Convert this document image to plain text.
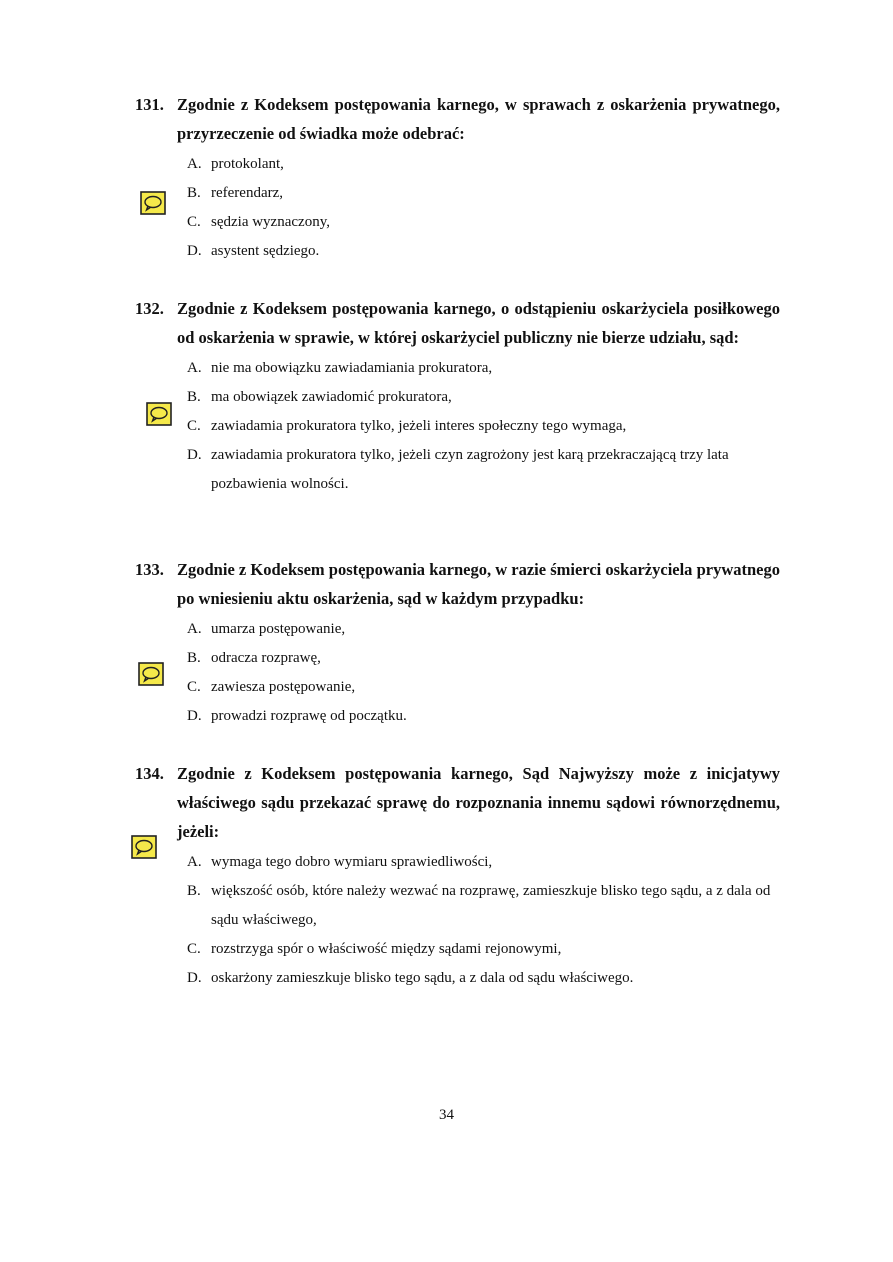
131. Zgodnie z Kodeksem postępowania karnego, w sprawach z oskarżenia prywatnego, przyrzeczenie od świadka może odebrać:
A. protokolant,
B. referendarz,
C. sędzia wyznaczony,
D. asystent sędziego.
132. Zgodnie z Kodeksem postępowania karnego, o odstąpieniu oskarżyciela posiłkowego od oskarżenia w sprawie, w której oskarżyciel publiczny nie bierze udziału, sąd:
A. nie ma obowiązku zawiadamiania prokuratora,
B. ma obowiązek zawiadomić prokuratora,
C. zawiadamia prokuratora tylko, jeżeli interes społeczny tego wymaga,
D. zawiadamia prokuratora tylko, jeżeli czyn zagrożony jest karą przekraczającą trzy lata pozbawienia wolności.
133. Zgodnie z Kodeksem postępowania karnego, w razie śmierci oskarżyciela prywatnego po wniesieniu aktu oskarżenia, sąd w każdym przypadku:
A. umarza postępowanie,
B. odracza rozprawę,
C. zawiesza postępowanie,
D. prowadzi rozprawę od początku.
134. Zgodnie z Kodeksem postępowania karnego, Sąd Najwyższy może z inicjatywy właściwego sądu przekazać sprawę do rozpoznania innemu sądowi równorzędnemu, jeżeli:
A. wymaga tego dobro wymiaru sprawiedliwości,
B. większość osób, które należy wezwać na rozprawę, zamieszkuje blisko tego sądu, a z dala od sądu właściwego,
C. rozstrzyga spór o właściwość między sądami rejonowymi,
D. oskarżony zamieszkuje blisko tego sądu, a z dala od sądu właściwego.
34
